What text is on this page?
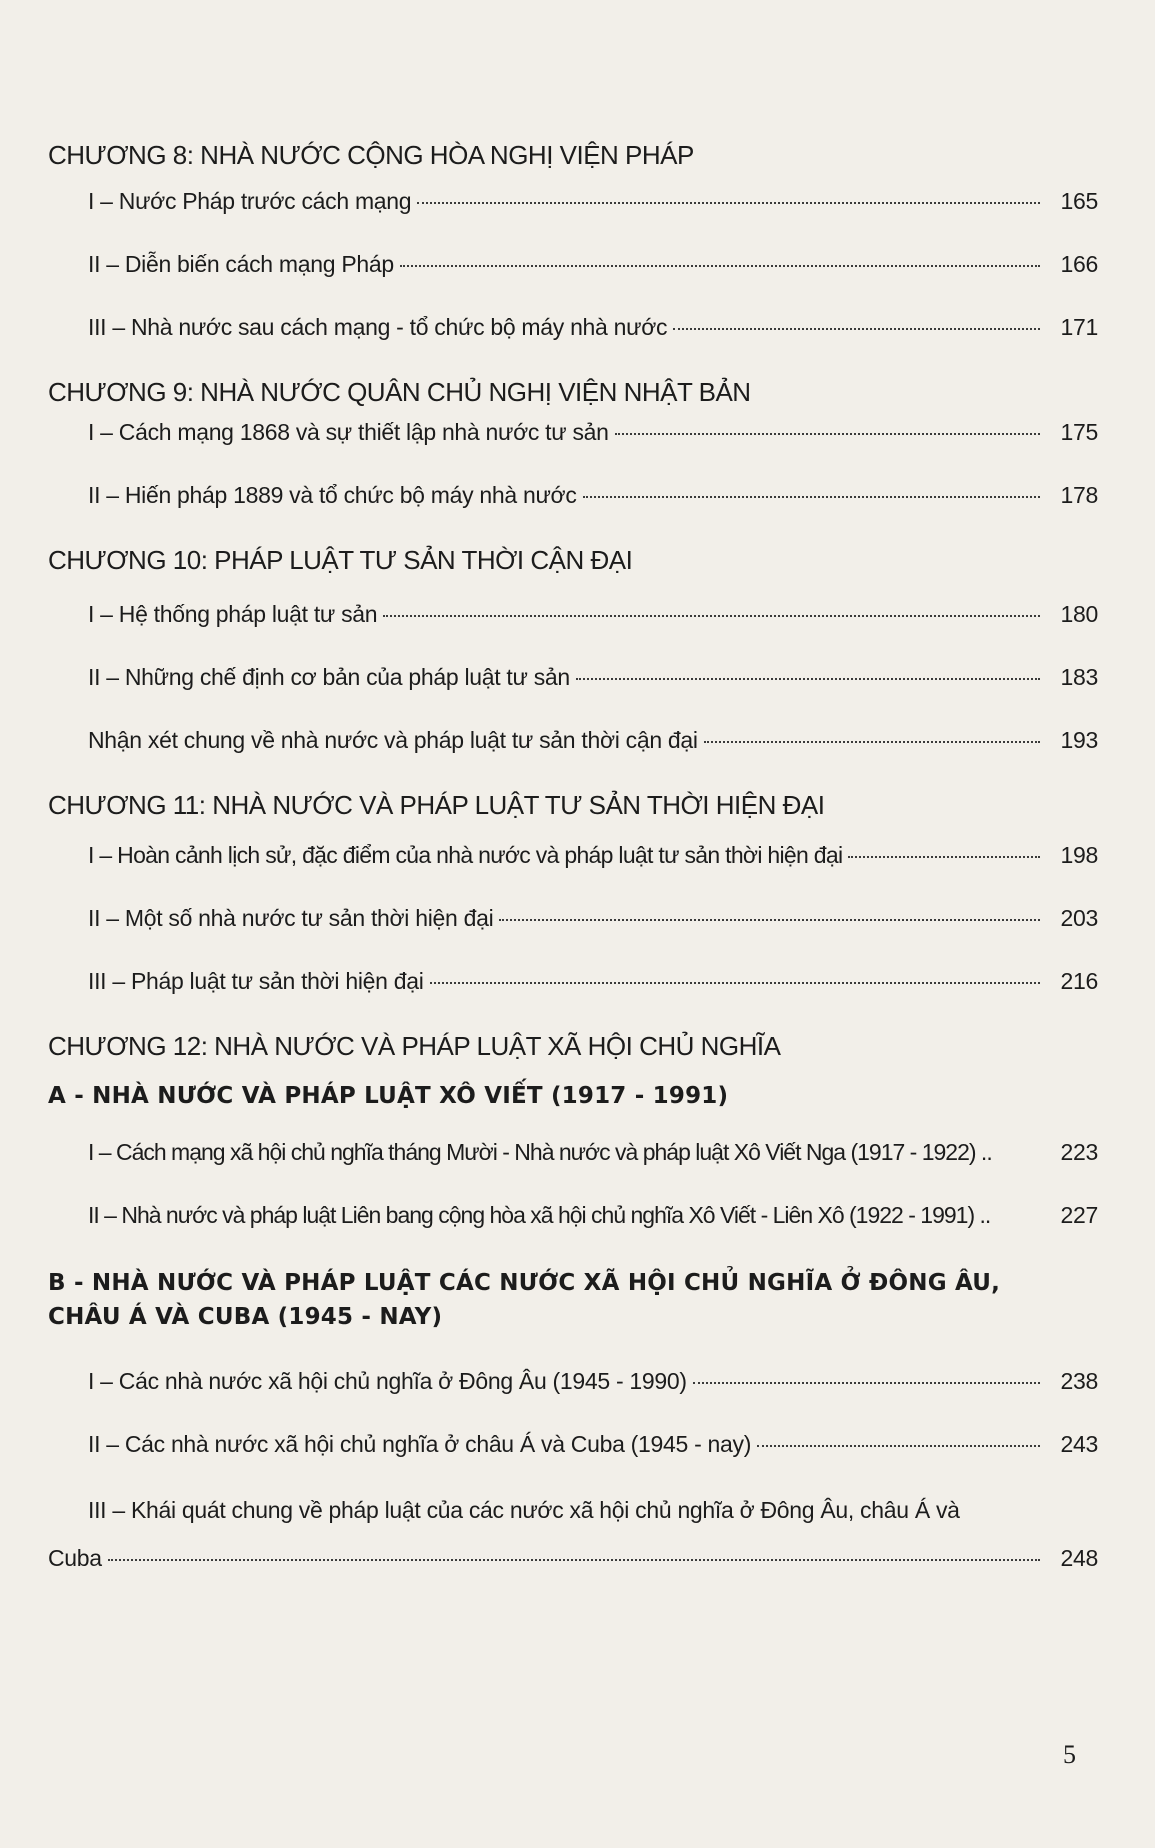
CHƯƠNG 8: NHÀ NƯỚC CỘNG HÒA NGHỊ VIỆN PHÁP
I – Nước Pháp trước cách mạng	165
II – Diễn biến cách mạng Pháp	166
III – Nhà nước sau cách mạng - tổ chức bộ máy nhà nước	171
CHƯƠNG 9: NHÀ NƯỚC QUÂN CHỦ NGHỊ VIỆN NHẬT BẢN
I – Cách mạng 1868 và sự thiết lập nhà nước tư sản	175
II – Hiến pháp 1889 và tổ chức bộ máy nhà nước	178
CHƯƠNG 10: PHÁP LUẬT TƯ SẢN THỜI CẬN ĐẠI
I – Hệ thống pháp luật tư sản	180
II – Những chế định cơ bản của pháp luật tư sản	183
Nhận xét chung về nhà nước và pháp luật tư sản thời cận đại	193
CHƯƠNG 11: NHÀ NƯỚC VÀ PHÁP LUẬT TƯ SẢN THỜI HIỆN ĐẠI
I – Hoàn cảnh lịch sử, đặc điểm của nhà nước và pháp luật tư sản thời hiện đại	198
II – Một số nhà nước tư sản thời hiện đại	203
III – Pháp luật tư sản thời hiện đại	216
CHƯƠNG 12: NHÀ NƯỚC VÀ PHÁP LUẬT XÃ HỘI CHỦ NGHĨA
A - NHÀ NƯỚC VÀ PHÁP LUẬT XÔ VIẾT (1917 - 1991)
I – Cách mạng xã hội chủ nghĩa tháng Mười - Nhà nước và pháp luật Xô Viết Nga (1917 - 1922) ..	223
II – Nhà nước và pháp luật Liên bang cộng hòa xã hội chủ nghĩa Xô Viết - Liên Xô (1922 - 1991) ..	227
B - NHÀ NƯỚC VÀ PHÁP LUẬT CÁC NƯỚC XÃ HỘI CHỦ NGHĨA Ở ĐÔNG ÂU, CHÂU Á VÀ CUBA (1945 - NAY)
I – Các nhà nước xã hội chủ nghĩa ở Đông Âu (1945 - 1990)	238
II – Các nhà nước xã hội chủ nghĩa ở châu Á và Cuba (1945 - nay)	243
III – Khái quát chung về pháp luật của các nước xã hội chủ nghĩa ở Đông Âu, châu Á và
Cuba	248
5
